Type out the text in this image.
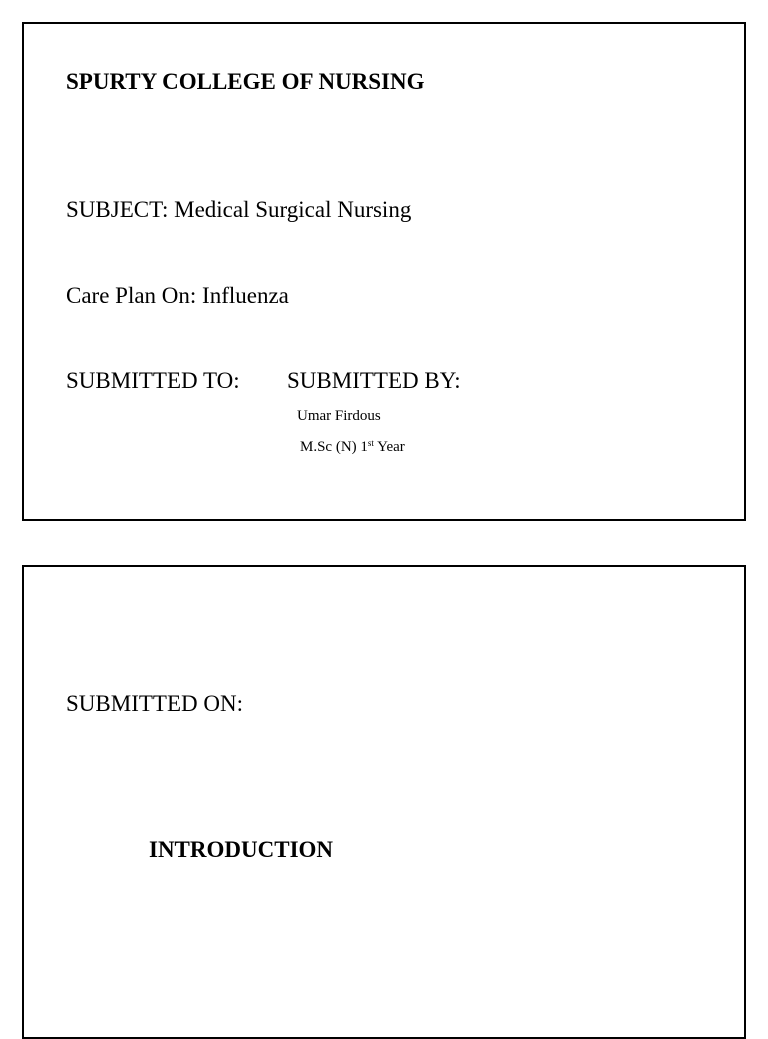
SPURTY COLLEGE OF NURSING
SUBJECT: Medical Surgical Nursing
Care Plan On: Influenza
SUBMITTED TO: SUBMITTED BY:
Umar Firdous
M.Sc (N) 1st Year
SUBMITTED ON:
INTRODUCTION
